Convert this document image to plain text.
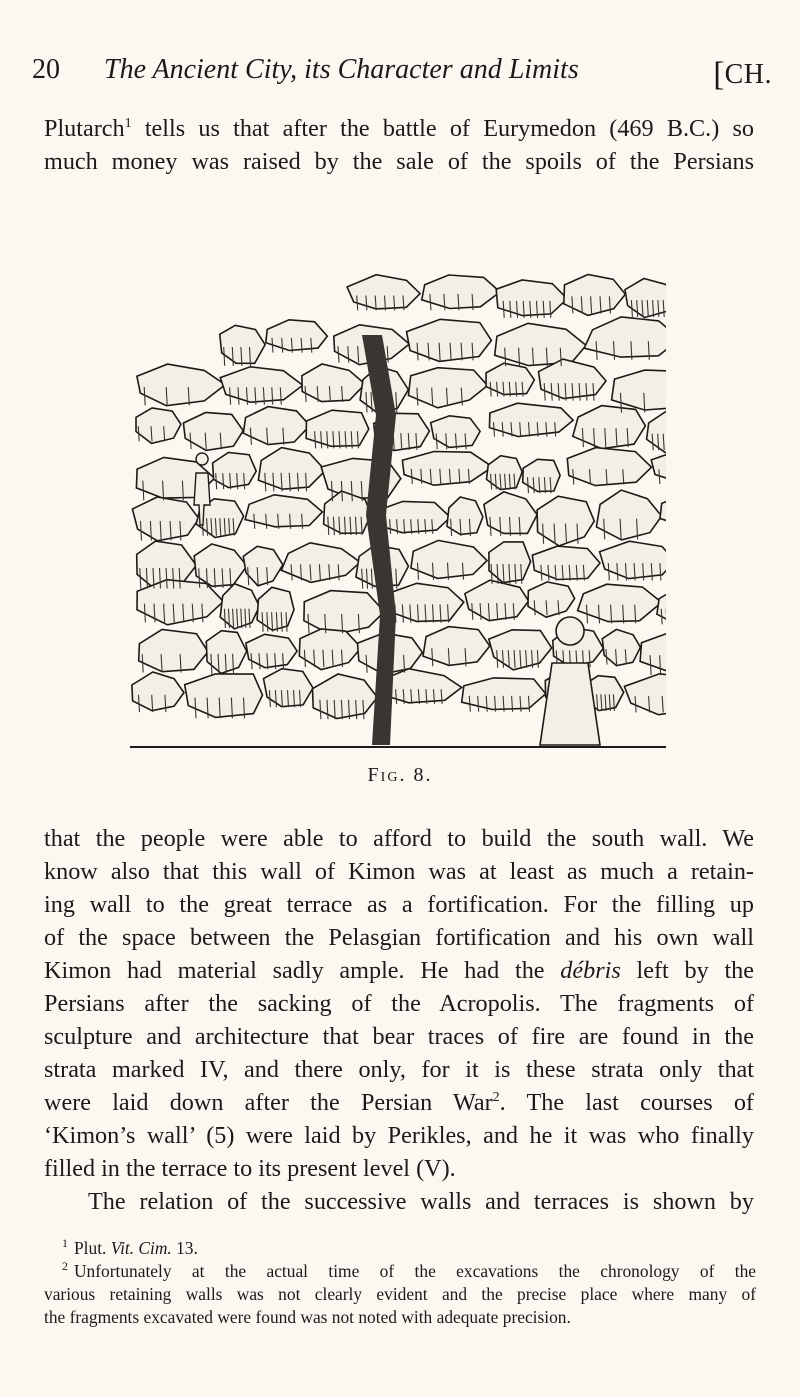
20 The Ancient City, its Character and Limits	[CH.
Plutarch$^1$ tells us that after the battle of Eurymedon (469 B.C.) so
much money was raised by the sale of the spoils of the Persians
Fig. 8.
that the people were able to afford to build the south wall. We
know also that this wall of Kimon was at least as much a retain-
ing wall to the great terrace as a fortification. For the filling up
of the space between the Pelasgian fortification and his own wall
Kimon had material sadly ample. He had the débris left by the
Persians after the sacking of the Acropolis. The fragments of
sculpture and architecture that bear traces of fire are found in the
strata marked IV, and there only, for it is these strata only that
were laid down after the Persian War$^2$. The last courses of
‘Kimon’s wall’ (5) were laid by Perikles, and he it was who finally
filled in the terrace to its present level (V).
The relation of the successive walls and terraces is shown by
$^1$ Plut. Vit. Cim. 13.
$^2$ Unfortunately at the actual time of the excavations the chronology of the
various retaining walls was not clearly evident and the precise place where many of
the fragments excavated were found was not noted with adequate precision.
